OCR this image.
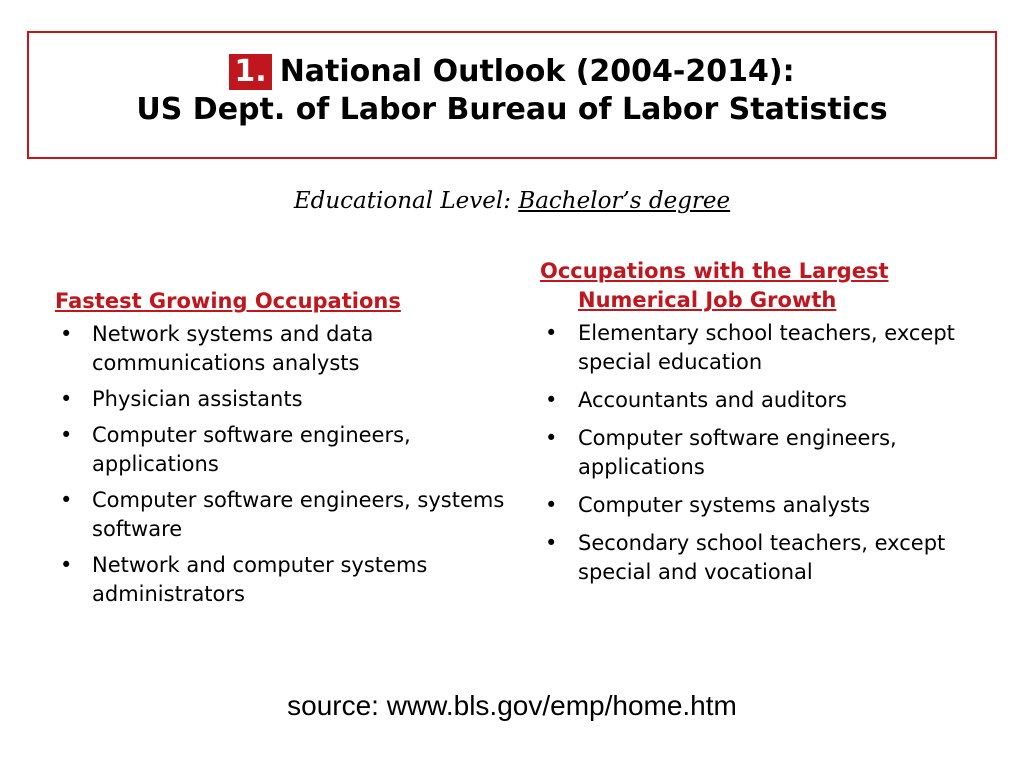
1. National Outlook (2004-2014):
US Dept. of Labor Bureau of Labor Statistics
Educational Level: Bachelor’s degree
Fastest Growing Occupations
• Network systems and data communications analysts
• Physician assistants
• Computer software engineers, applications
• Computer software engineers, systems software
• Network and computer systems administrators
Occupations with the Largest Numerical Job Growth
• Elementary school teachers, except special education
• Accountants and auditors
• Computer software engineers, applications
• Computer systems analysts
• Secondary school teachers, except special and vocational
source: www.bls.gov/emp/home.htm
